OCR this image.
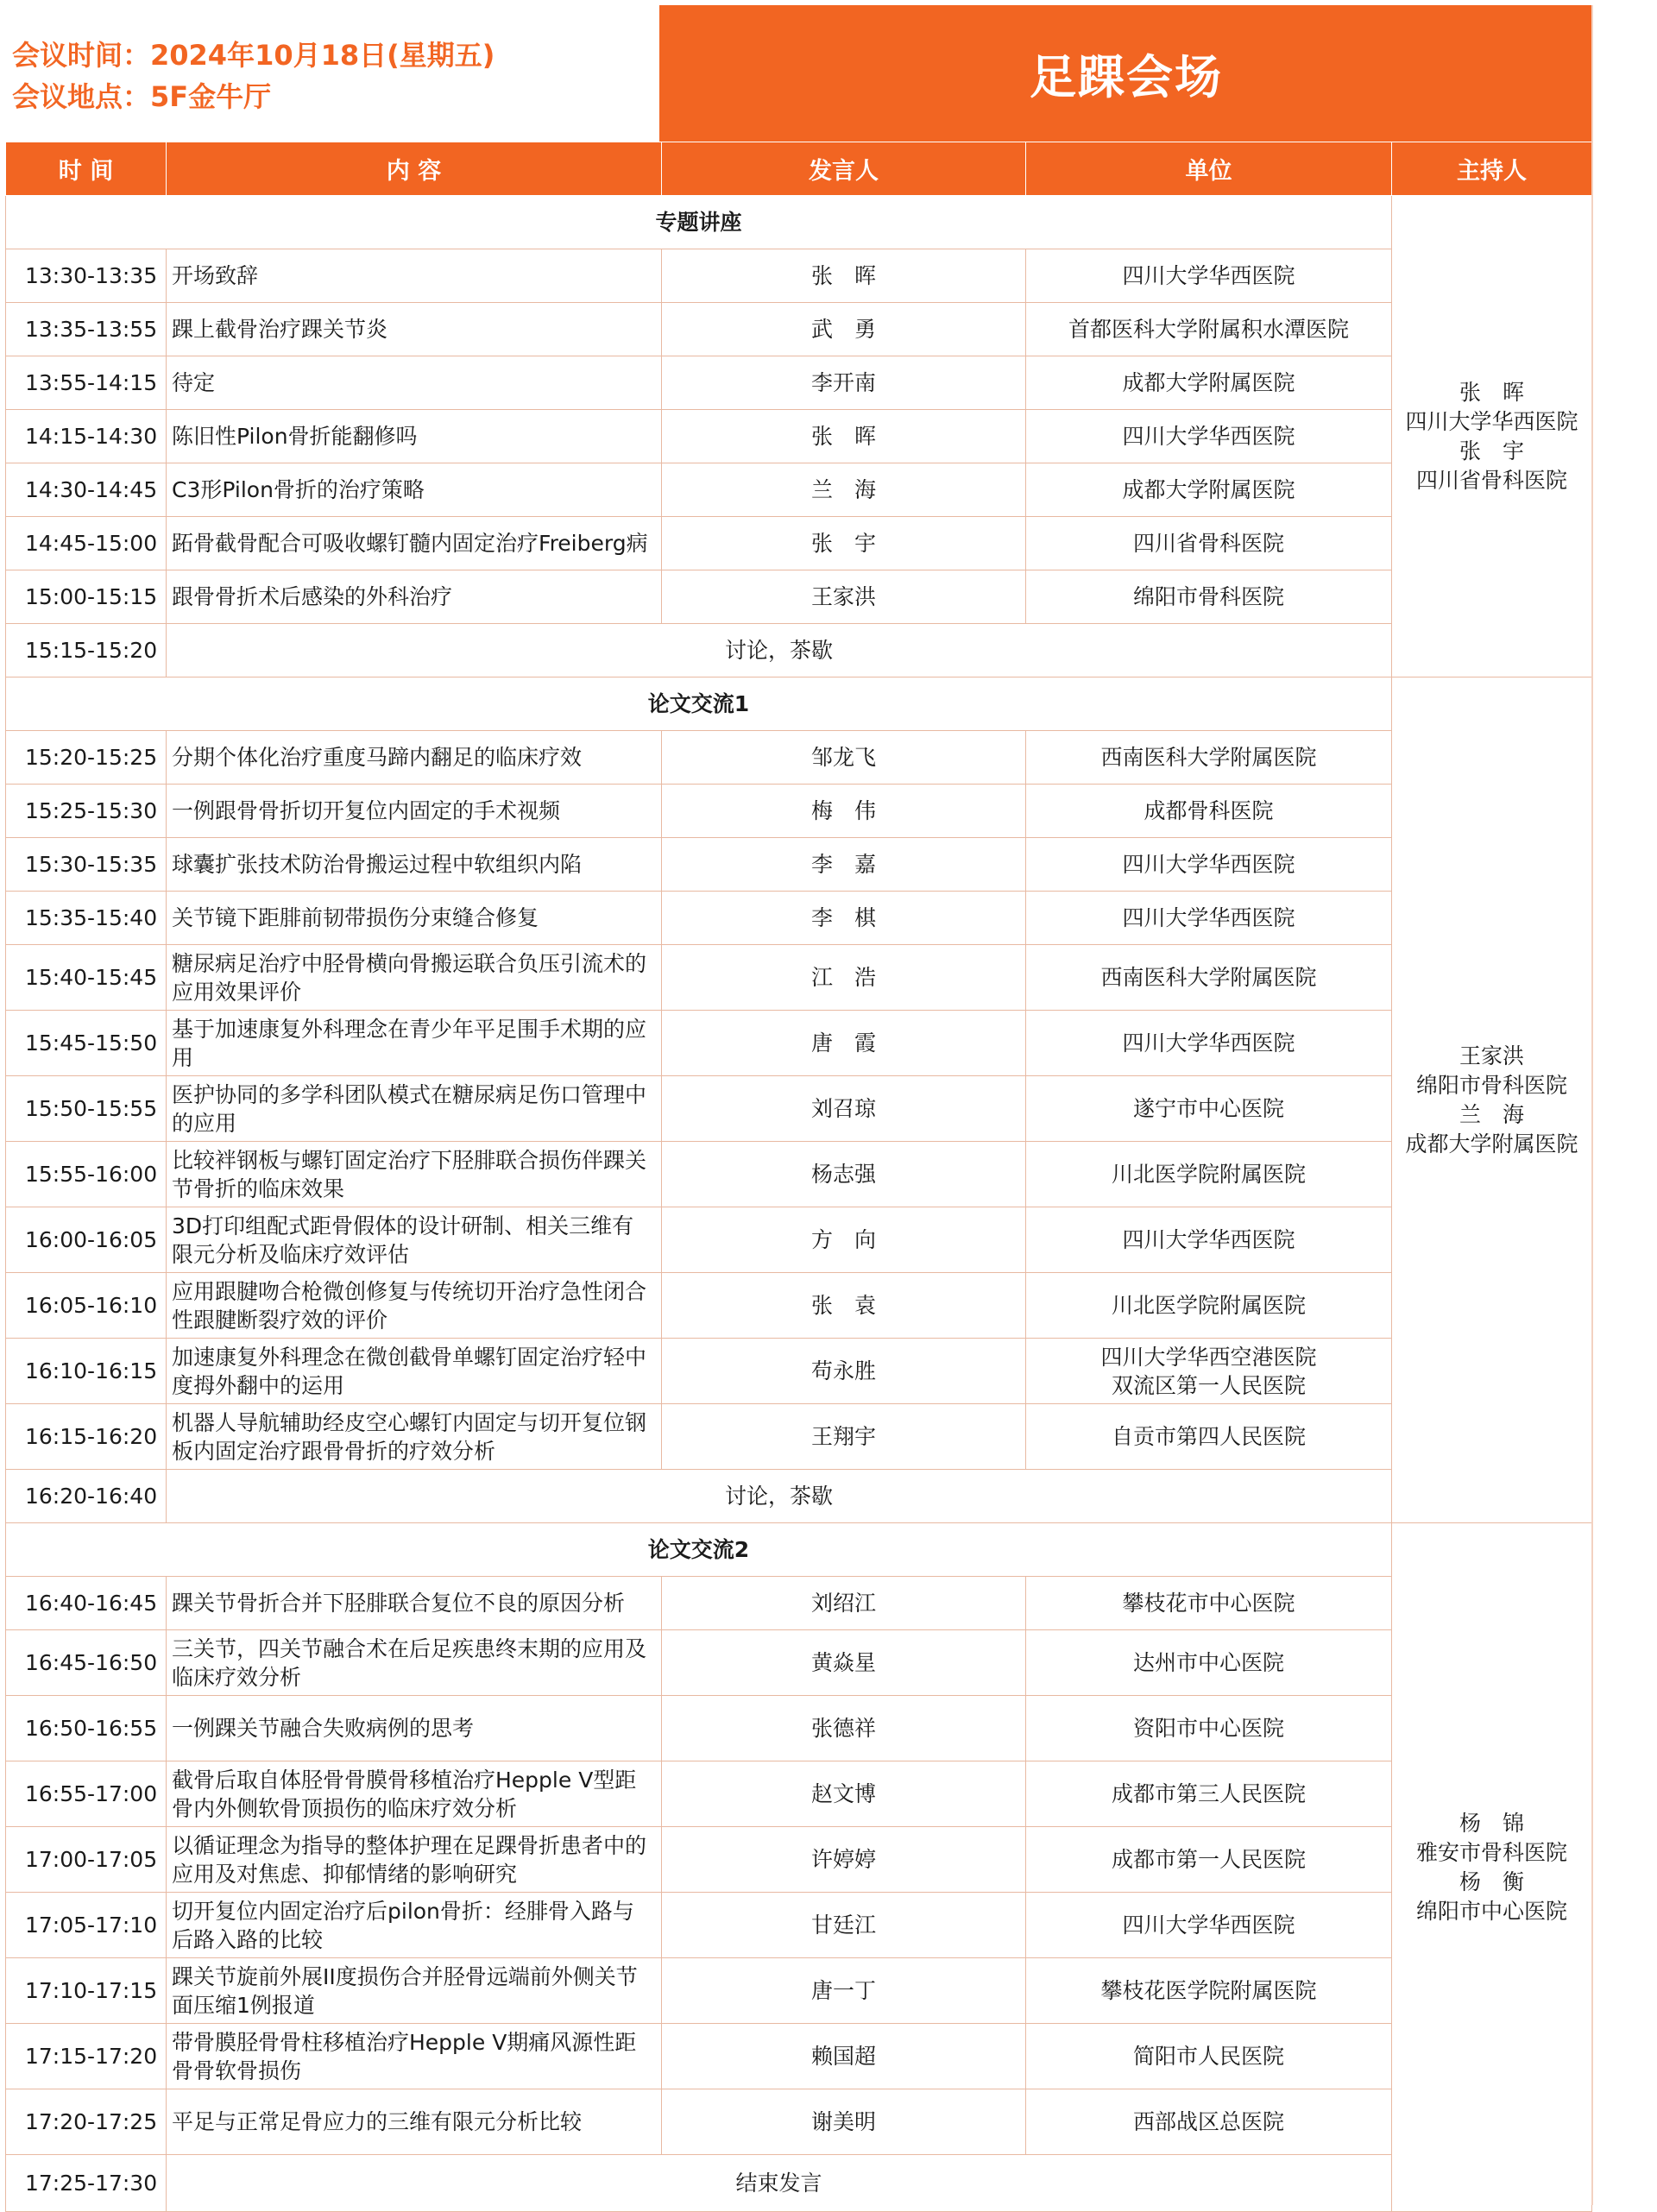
会议时间：2024年10月18日(星期五)
会议地点：5F金牛厅	足踝会场
时 间	内 容	发言人	单位	主持人
专题讲座				张　晖
四川大学华西医院
张　宇
四川省骨科医院

13:30-13:35	开场致辞	张　晖	四川大学华西医院	

13:35-13:55	踝上截骨治疗踝关节炎	武　勇	首都医科大学附属积水潭医院	

13:55-14:15	待定	李开南	成都大学附属医院	

14:15-14:30	陈旧性Pilon骨折能翻修吗	张　晖	四川大学华西医院	

14:30-14:45	C3形Pilon骨折的治疗策略	兰　海	成都大学附属医院	

14:45-15:00	跖骨截骨配合可吸收螺钉髓内固定治疗Freiberg病	张　宇	四川省骨科医院	

15:00-15:15	跟骨骨折术后感染的外科治疗	王家洪	绵阳市骨科医院	

15:15-15:20	讨论，茶歇			
论文交流1				王家洪
绵阳市骨科医院
兰　海
成都大学附属医院

15:20-15:25	分期个体化治疗重度马蹄内翻足的临床疗效	邹龙飞	西南医科大学附属医院	

15:25-15:30	一例跟骨骨折切开复位内固定的手术视频	梅　伟	成都骨科医院	

15:30-15:35	球囊扩张技术防治骨搬运过程中软组织内陷	李　嘉	四川大学华西医院	

15:35-15:40	关节镜下距腓前韧带损伤分束缝合修复	李　棋	四川大学华西医院	

15:40-15:45	糖尿病足治疗中胫骨横向骨搬运联合负压引流术的应用效果评价	江　浩	西南医科大学附属医院	

15:45-15:50	基于加速康复外科理念在青少年平足围手术期的应用	唐　霞	四川大学华西医院	

15:50-15:55	医护协同的多学科团队模式在糖尿病足伤口管理中的应用	刘召琼	遂宁市中心医院	

15:55-16:00	比较袢钢板与螺钉固定治疗下胫腓联合损伤伴踝关节骨折的临床效果	杨志强	川北医学院附属医院	

16:00-16:05	3D打印组配式距骨假体的设计研制、相关三维有限元分析及临床疗效评估	方　向	四川大学华西医院	

16:05-16:10	应用跟腱吻合枪微创修复与传统切开治疗急性闭合性跟腱断裂疗效的评价	张　袁	川北医学院附属医院	

16:10-16:15	加速康复外科理念在微创截骨单螺钉固定治疗轻中度拇外翻中的运用	苟永胜	四川大学华西空港医院
双流区第一人民医院	

16:15-16:20	机器人导航辅助经皮空心螺钉内固定与切开复位钢板内固定治疗跟骨骨折的疗效分析	王翔宇	自贡市第四人民医院	

16:20-16:40	讨论，茶歇			
论文交流2				杨　锦
雅安市骨科医院
杨　衡
绵阳市中心医院

16:40-16:45	踝关节骨折合并下胫腓联合复位不良的原因分析	刘绍江	攀枝花市中心医院	

16:45-16:50	三关节，四关节融合术在后足疾患终末期的应用及临床疗效分析	黄焱星	达州市中心医院	

16:50-16:55	一例踝关节融合失败病例的思考	张德祥	资阳市中心医院	

16:55-17:00	截骨后取自体胫骨骨膜骨移植治疗Hepple V型距骨内外侧软骨顶损伤的临床疗效分析	赵文博	成都市第三人民医院	

17:00-17:05	以循证理念为指导的整体护理在足踝骨折患者中的应用及对焦虑、抑郁情绪的影响研究	许婷婷	成都市第一人民医院	

17:05-17:10	切开复位内固定治疗后pilon骨折：经腓骨入路与后路入路的比较	甘廷江	四川大学华西医院	

17:10-17:15	踝关节旋前外展II度损伤合并胫骨远端前外侧关节面压缩1例报道	唐一丁	攀枝花医学院附属医院	

17:15-17:20	带骨膜胫骨骨柱移植治疗Hepple V期痛风源性距骨骨软骨损伤	赖国超	简阳市人民医院	

17:20-17:25	平足与正常足骨应力的三维有限元分析比较	谢美明	西部战区总医院	

17:25-17:30	结束发言			
